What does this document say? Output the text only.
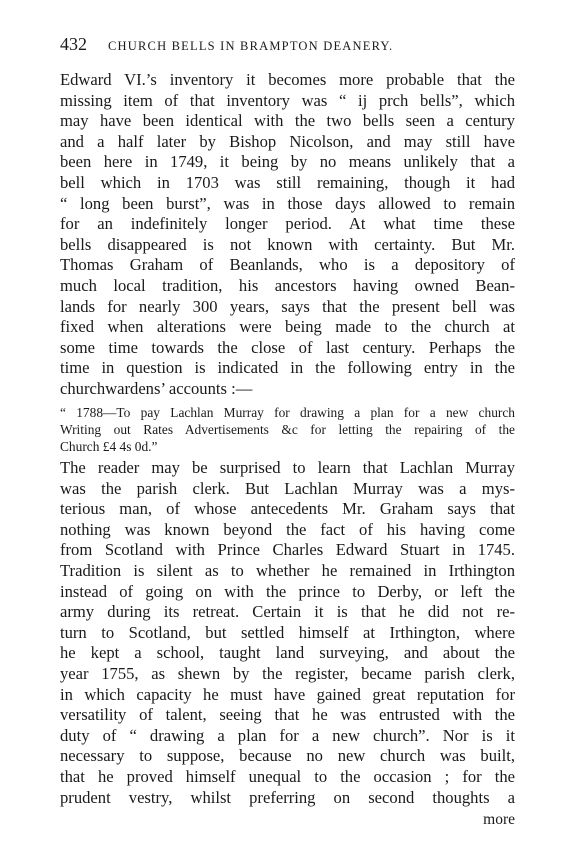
432	CHURCH BELLS IN BRAMPTON DEANERY.

Edward VI.’s inventory it becomes more probable that the
missing item of that inventory was “ ij prch bells”, which
may have been identical with the two bells seen a century
and a half later by Bishop Nicolson, and may still have
been here in 1749, it being by no means unlikely that a
bell which in 1703 was still remaining, though it had
“ long been burst”, was in those days allowed to remain
for an indefinitely longer period. At what time these
bells disappeared is not known with certainty. But Mr.
Thomas Graham of Beanlands, who is a depository of
much local tradition, his ancestors having owned Bean-
lands for nearly 300 years, says that the present bell was
fixed when alterations were being made to the church at
some time towards the close of last century. Perhaps the
time in question is indicated in the following entry in the
churchwardens’ accounts :—

“ 1788—To pay Lachlan Murray for drawing a plan for a new church
Writing out Rates Advertisements &c for letting the repairing of the
Church £4 4s 0d.”

The reader may be surprised to learn that Lachlan Murray
was the parish clerk. But Lachlan Murray was a mys-
terious man, of whose antecedents Mr. Graham says that
nothing was known beyond the fact of his having come
from Scotland with Prince Charles Edward Stuart in 1745.
Tradition is silent as to whether he remained in Irthington
instead of going on with the prince to Derby, or left the
army during its retreat. Certain it is that he did not re-
turn to Scotland, but settled himself at Irthington, where
he kept a school, taught land surveying, and about the
year 1755, as shewn by the register, became parish clerk,
in which capacity he must have gained great reputation for
versatility of talent, seeing that he was entrusted with the
duty of “ drawing a plan for a new church”. Nor is it
necessary to suppose, because no new church was built,
that he proved himself unequal to the occasion ; for the
prudent vestry, whilst preferring on second thoughts a

more
